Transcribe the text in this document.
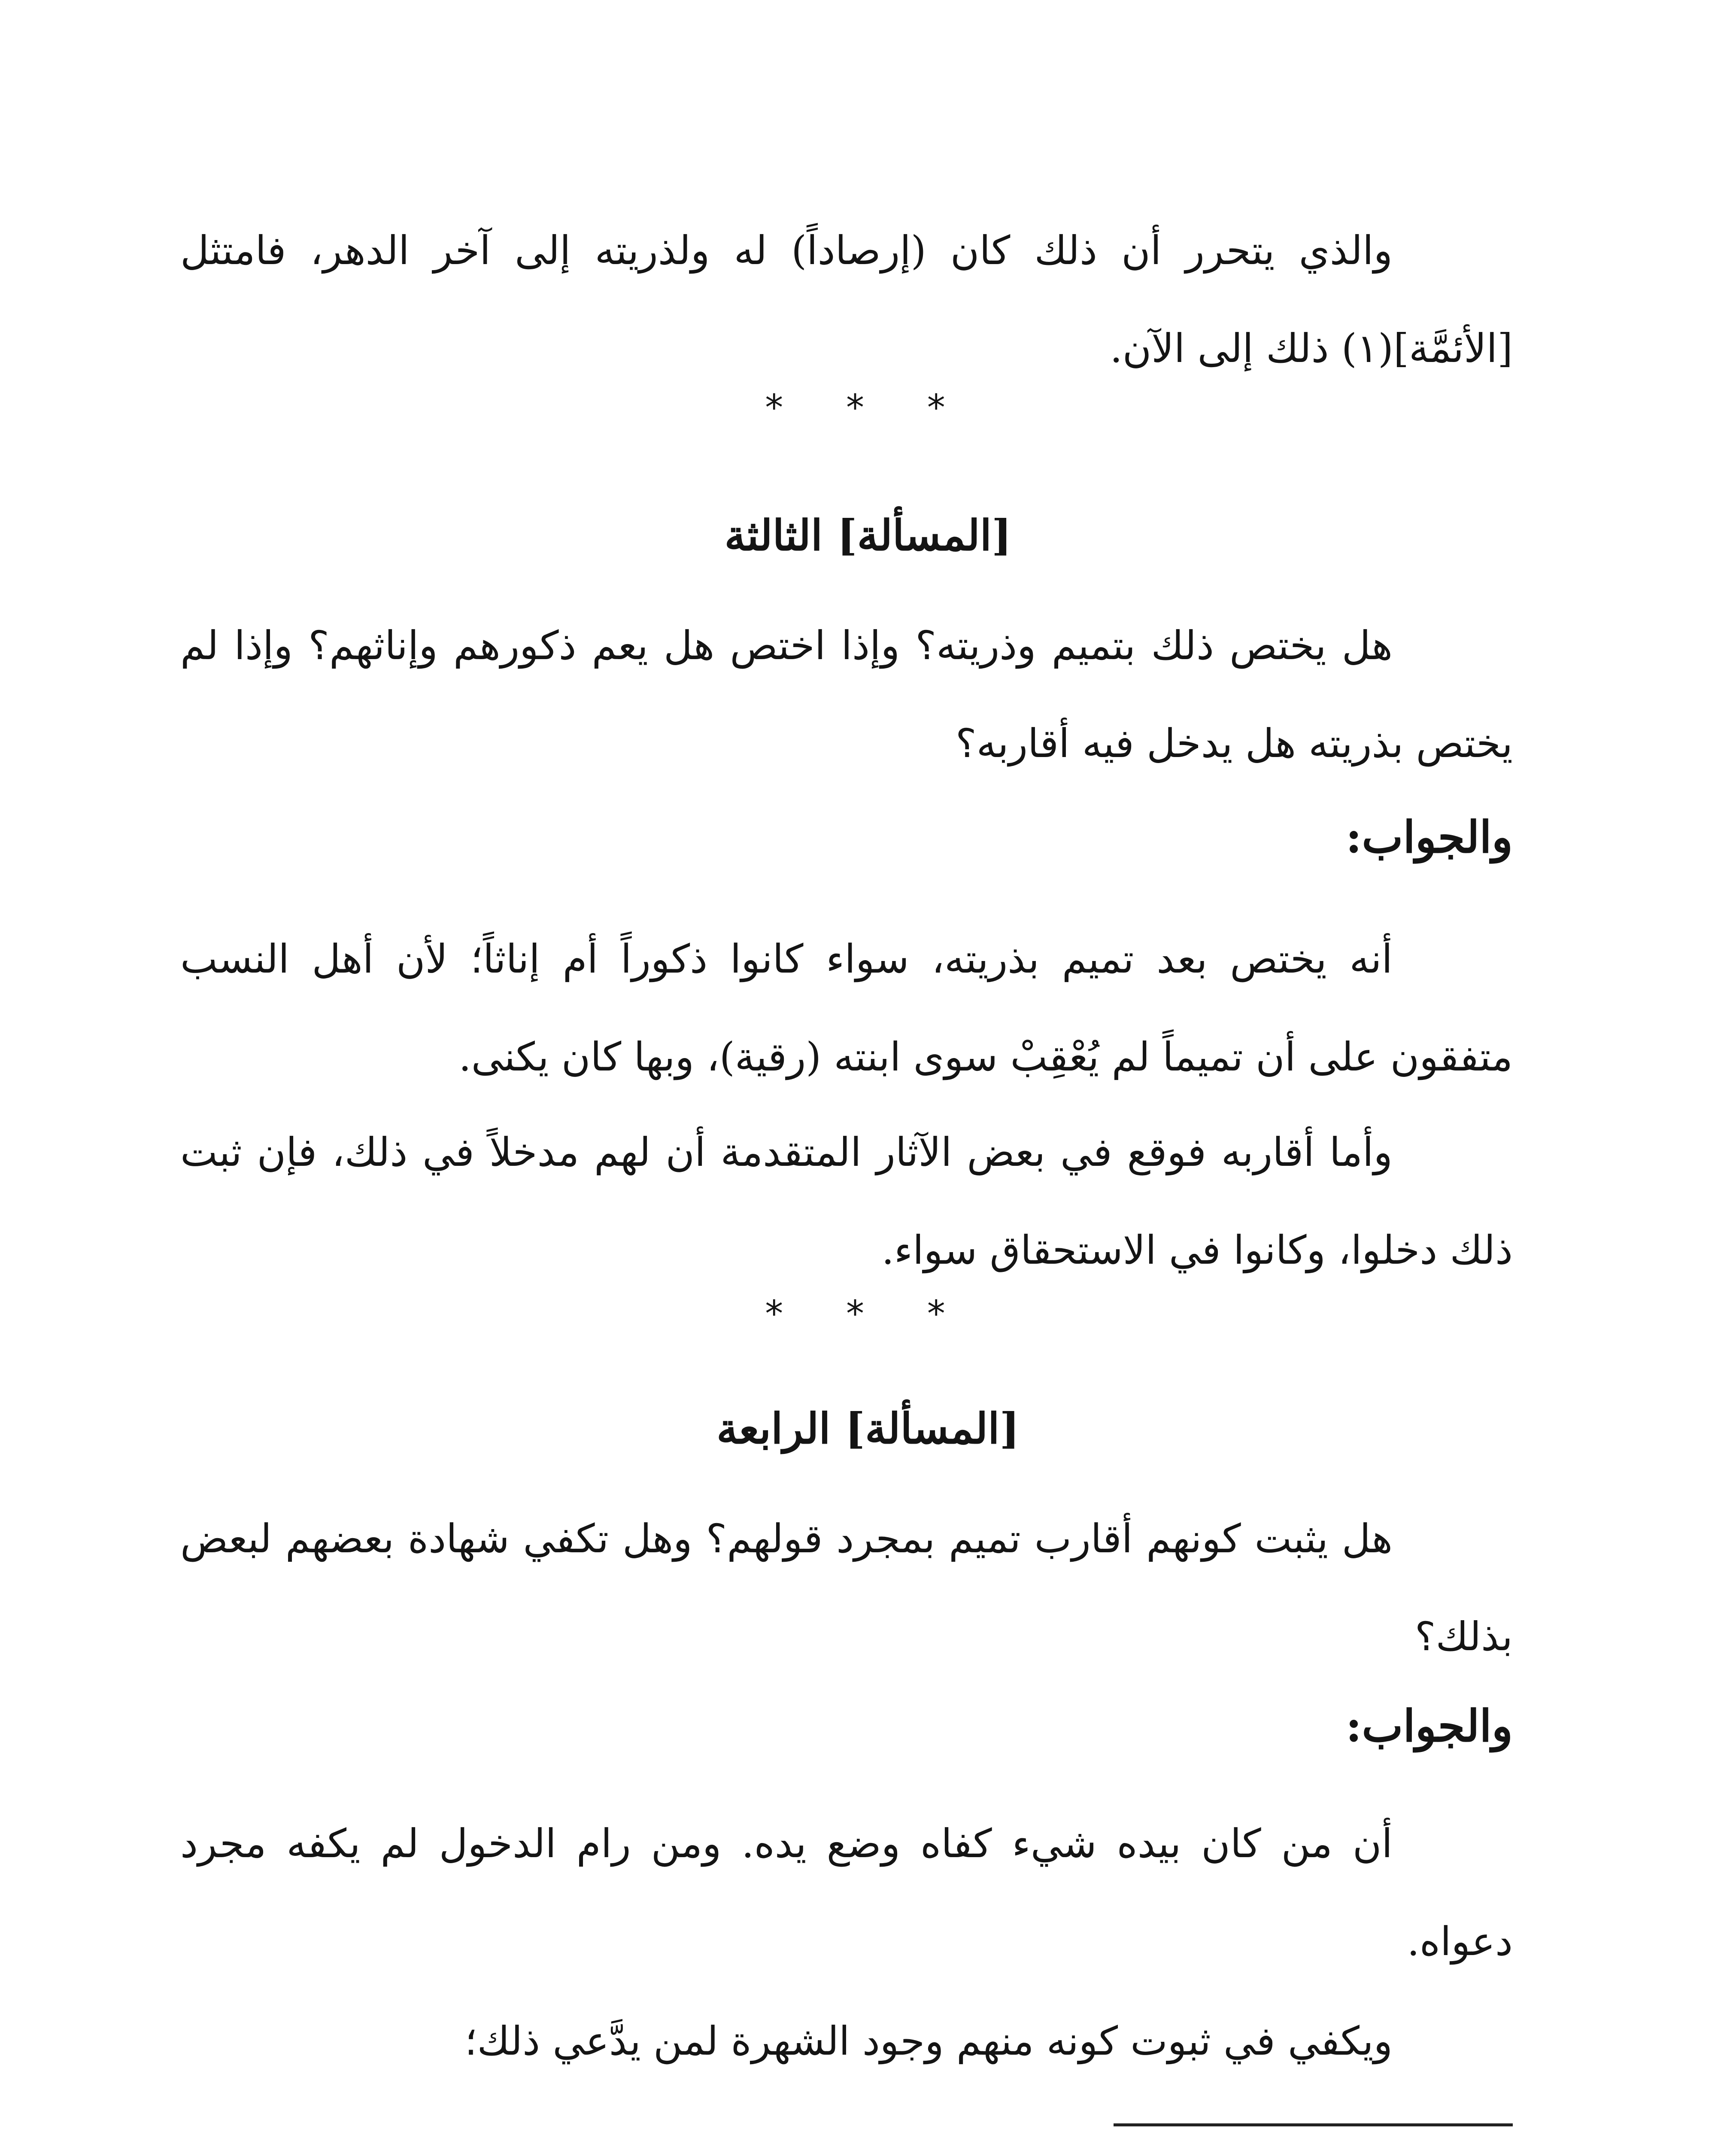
والذي يتحرر أن ذلك كان (إرصاداً) له ولذريته إلى آخر الدهر، فامتثل [الأئمَّة](١) ذلك إلى الآن.

* * *
[المسألة] الثالثة

هل يختص ذلك بتميم وذريته؟ وإذا اختص هل يعم ذكورهم وإناثهم؟ وإذا لم يختص بذريته هل يدخل فيه أقاربه؟

والجواب:

أنه يختص بعد تميم بذريته، سواء كانوا ذكوراً أم إناثاً؛ لأن أهل النسب متفقون على أن تميماً لم يُعْقِبْ سوى ابنته (رقية)، وبها كان يكنى.

وأما أقاربه فوقع في بعض الآثار المتقدمة أن لهم مدخلاً في ذلك، فإن ثبت ذلك دخلوا، وكانوا في الاستحقاق سواء.

* * *
[المسألة] الرابعة

هل يثبت كونهم أقارب تميم بمجرد قولهم؟ وهل تكفي شهادة بعضهم لبعض بذلك؟

والجواب:

أن من كان بيده شيء كفاه وضع يده. ومن رام الدخول لم يكفه مجرد دعواه.

ويكفي في ثبوت كونه منهم وجود الشهرة لمن يدَّعي ذلك؛
